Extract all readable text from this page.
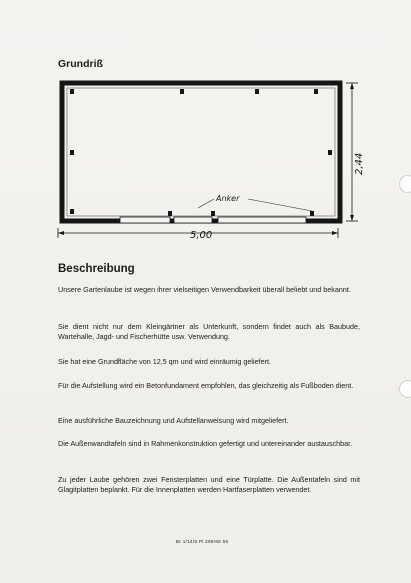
Grundriß
Anker
5,00
2,44
Beschreibung
Unsere Gartenlaube ist wegen ihrer vielseitigen Verwendbarkeit überall beliebt und bekannt.
Sie dient nicht nur dem Kleingärtner als Unterkunft, sondern findet auch als Baubude, Wartehalle, Jagd- und Fischerhütte usw. Verwendung.
Sie hat eine Grundfläche von 12,5 qm und wird einräumig geliefert.
Für die Aufstellung wird ein Betonfundament empfohlen, das gleichzeitig als Fußboden dient.
Eine ausführliche Bauzeichnung und Aufstellanweisung wird mitgeliefert.
Die Außenwandtafeln sind in Rahmenkonstruktion gefertigt und untereinander austauschbar.
Zu jeder Laube gehören zwei Fensterplatten und eine Türplatte. Die Außentafeln sind mit Glagitplatten beplankt. Für die Innenplatten werden Hartfaserplatten verwendet.
Br 1/14/5 Pi 296/69 55
